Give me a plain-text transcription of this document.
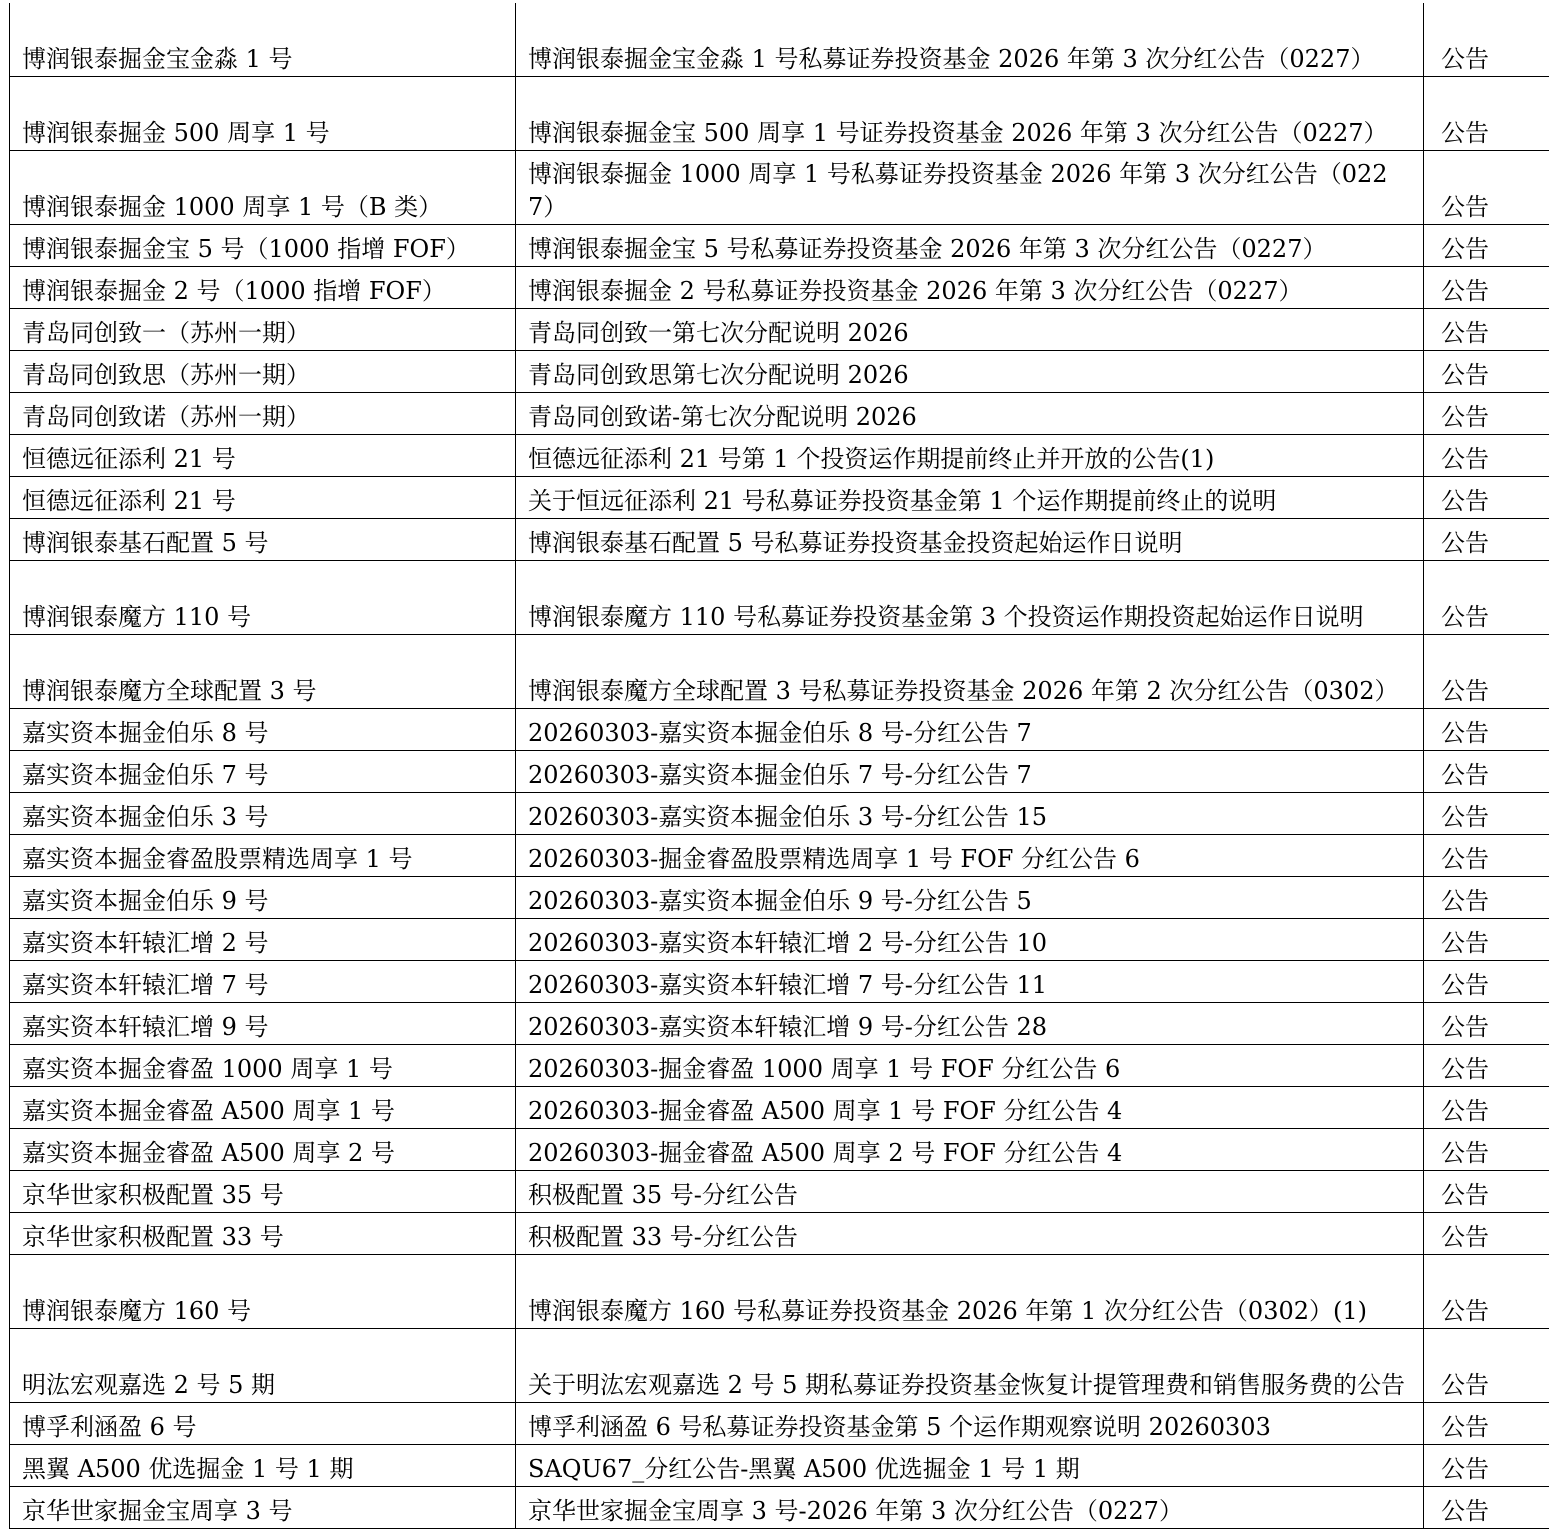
博润银泰掘金宝金淼 1 号	博润银泰掘金宝金淼 1 号私募证券投资基金 2026 年第 3 次分红公告（0227）	公告
博润银泰掘金 500 周享 1 号	博润银泰掘金宝 500 周享 1 号证券投资基金 2026 年第 3 次分红公告（0227）	公告
博润银泰掘金 1000 周享 1 号（B 类）	博润银泰掘金 1000 周享 1 号私募证券投资基金 2026 年第 3 次分红公告（0227）	公告
博润银泰掘金宝 5 号（1000 指增 FOF）	博润银泰掘金宝 5 号私募证券投资基金 2026 年第 3 次分红公告（0227）	公告
博润银泰掘金 2 号（1000 指增 FOF）	博润银泰掘金 2 号私募证券投资基金 2026 年第 3 次分红公告（0227）	公告
青岛同创致一（苏州一期）	青岛同创致一第七次分配说明 2026	公告
青岛同创致思（苏州一期）	青岛同创致思第七次分配说明 2026	公告
青岛同创致诺（苏州一期）	青岛同创致诺-第七次分配说明 2026	公告
恒德远征添利 21 号	恒德远征添利 21 号第 1 个投资运作期提前终止并开放的公告(1)	公告
恒德远征添利 21 号	关于恒远征添利 21 号私募证券投资基金第 1 个运作期提前终止的说明	公告
博润银泰基石配置 5 号	博润银泰基石配置 5 号私募证券投资基金投资起始运作日说明	公告
博润银泰魔方 110 号	博润银泰魔方 110 号私募证券投资基金第 3 个投资运作期投资起始运作日说明	公告
博润银泰魔方全球配置 3 号	博润银泰魔方全球配置 3 号私募证券投资基金 2026 年第 2 次分红公告（0302）	公告
嘉实资本掘金伯乐 8 号	20260303-嘉实资本掘金伯乐 8 号-分红公告 7	公告
嘉实资本掘金伯乐 7 号	20260303-嘉实资本掘金伯乐 7 号-分红公告 7	公告
嘉实资本掘金伯乐 3 号	20260303-嘉实资本掘金伯乐 3 号-分红公告 15	公告
嘉实资本掘金睿盈股票精选周享 1 号	20260303-掘金睿盈股票精选周享 1 号 FOF 分红公告 6	公告
嘉实资本掘金伯乐 9 号	20260303-嘉实资本掘金伯乐 9 号-分红公告 5	公告
嘉实资本轩辕汇增 2 号	20260303-嘉实资本轩辕汇增 2 号-分红公告 10	公告
嘉实资本轩辕汇增 7 号	20260303-嘉实资本轩辕汇增 7 号-分红公告 11	公告
嘉实资本轩辕汇增 9 号	20260303-嘉实资本轩辕汇增 9 号-分红公告 28	公告
嘉实资本掘金睿盈 1000 周享 1 号	20260303-掘金睿盈 1000 周享 1 号 FOF 分红公告 6	公告
嘉实资本掘金睿盈 A500 周享 1 号	20260303-掘金睿盈 A500 周享 1 号 FOF 分红公告 4	公告
嘉实资本掘金睿盈 A500 周享 2 号	20260303-掘金睿盈 A500 周享 2 号 FOF 分红公告 4	公告
京华世家积极配置 35 号	积极配置 35 号-分红公告	公告
京华世家积极配置 33 号	积极配置 33 号-分红公告	公告
博润银泰魔方 160 号	博润银泰魔方 160 号私募证券投资基金 2026 年第 1 次分红公告（0302）(1)	公告
明汯宏观嘉选 2 号 5 期	关于明汯宏观嘉选 2 号 5 期私募证券投资基金恢复计提管理费和销售服务费的公告	公告
博孚利涵盈 6 号	博孚利涵盈 6 号私募证券投资基金第 5 个运作期观察说明 20260303	公告
黑翼 A500 优选掘金 1 号 1 期	SAQU67_分红公告-黑翼 A500 优选掘金 1 号 1 期	公告
京华世家掘金宝周享 3 号	京华世家掘金宝周享 3 号-2026 年第 3 次分红公告（0227）	公告
